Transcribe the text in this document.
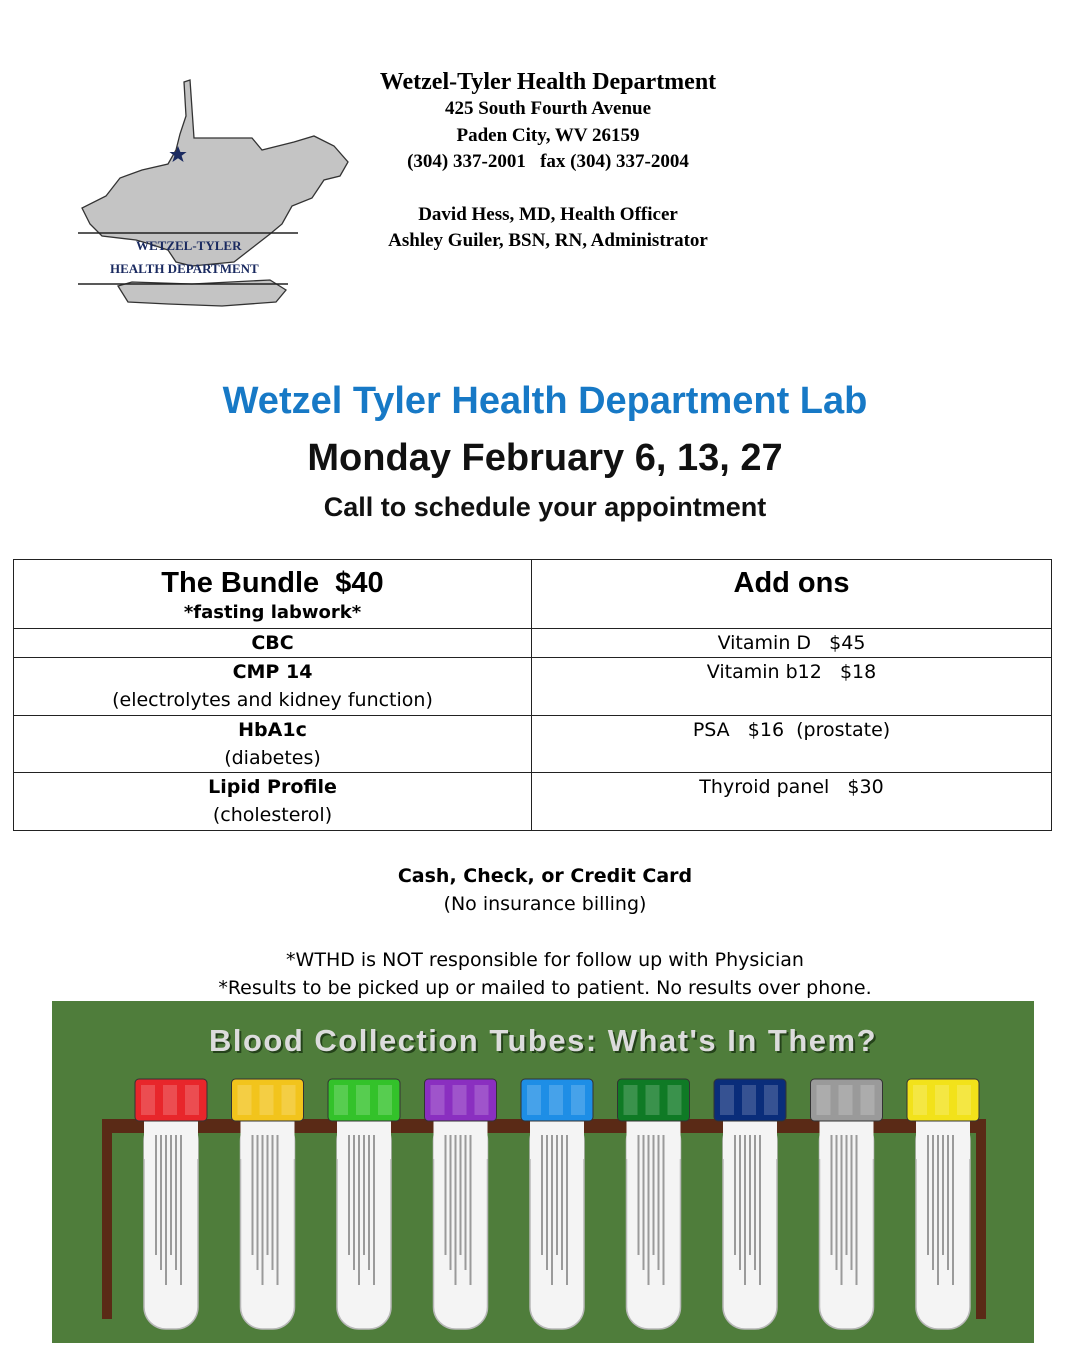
WETZEL-TYLER
HEALTH DEPARTMENT
Wetzel-Tyler Health Department
425 South Fourth Avenue
Paden City, WV 26159
(304) 337-2001   fax (304) 337-2004
David Hess, MD, Health Officer
Ashley Guiler, BSN, RN, Administrator
Wetzel Tyler Health Department Lab
Monday February 6, 13, 27
Call to schedule your appointment
The Bundle  $40
*fasting labwork*	Add ons

CBC	Vitamin D   $45

CMP 14
(electrolytes and kidney function)	Vitamin b12   $18

HbA1c
(diabetes)	PSA   $16  (prostate)

Lipid Profile
(cholesterol)	Thyroid panel   $30
Cash, Check, or Credit Card
(No insurance billing)
*WTHD is NOT responsible for follow up with Physician
*Results to be picked up or mailed to patient. No results over phone.
Blood Collection Tubes: What's In Them?
